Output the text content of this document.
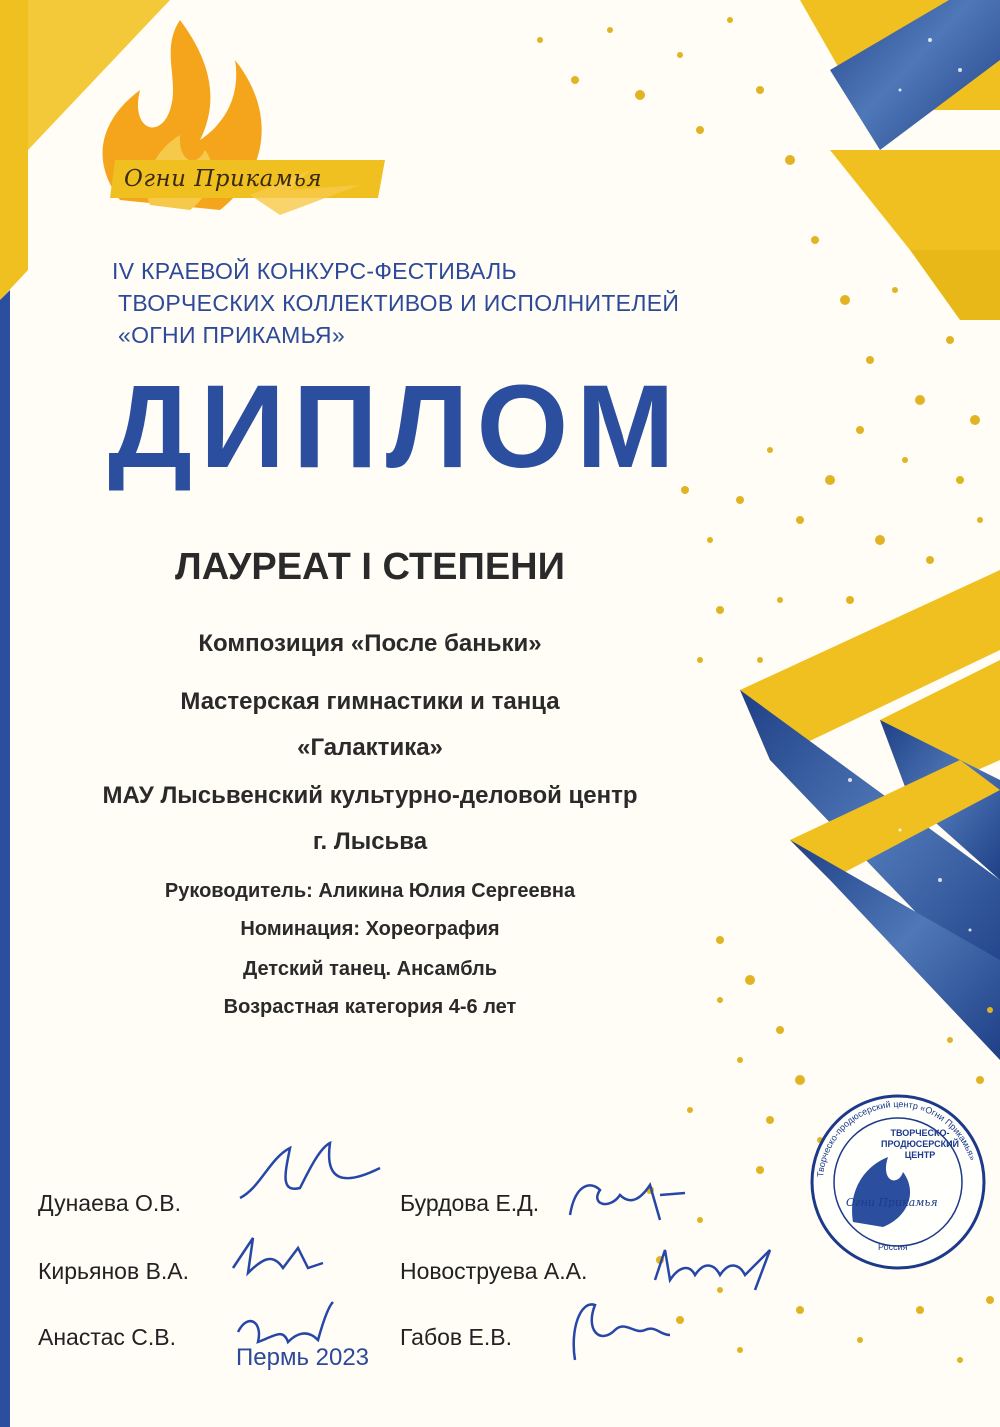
Огни Прикамья
IV КРАЕВОЙ КОНКУРС-ФЕСТИВАЛЬ
ТВОРЧЕСКИХ КОЛЛЕКТИВОВ И ИСПОЛНИТЕЛЕЙ
«ОГНИ ПРИКАМЬЯ»
ДИПЛОМ
ЛАУРЕАТ I СТЕПЕНИ
Композиция «После баньки»
Мастерская гимнастики и танца
«Галактика»
МАУ Лысьвенский культурно-деловой центр
г. Лысьва
Руководитель: Аликина Юлия Сергеевна
Номинация: Хореография
Детский танец. Ансамбль
Возрастная категория 4-6 лет
Творческо-продюсерский центр «Огни Прикамья»
ТВОРЧЕСКО-ПРОДЮСЕРСКИЙ ЦЕНТР
Огни Прикамья
Россия
Дунаева О.В.
Кирьянов В.А.
Анастас С.В.
Бурдова Е.Д.
Новоструева А.А.
Габов Е.В.
Пермь 2023
